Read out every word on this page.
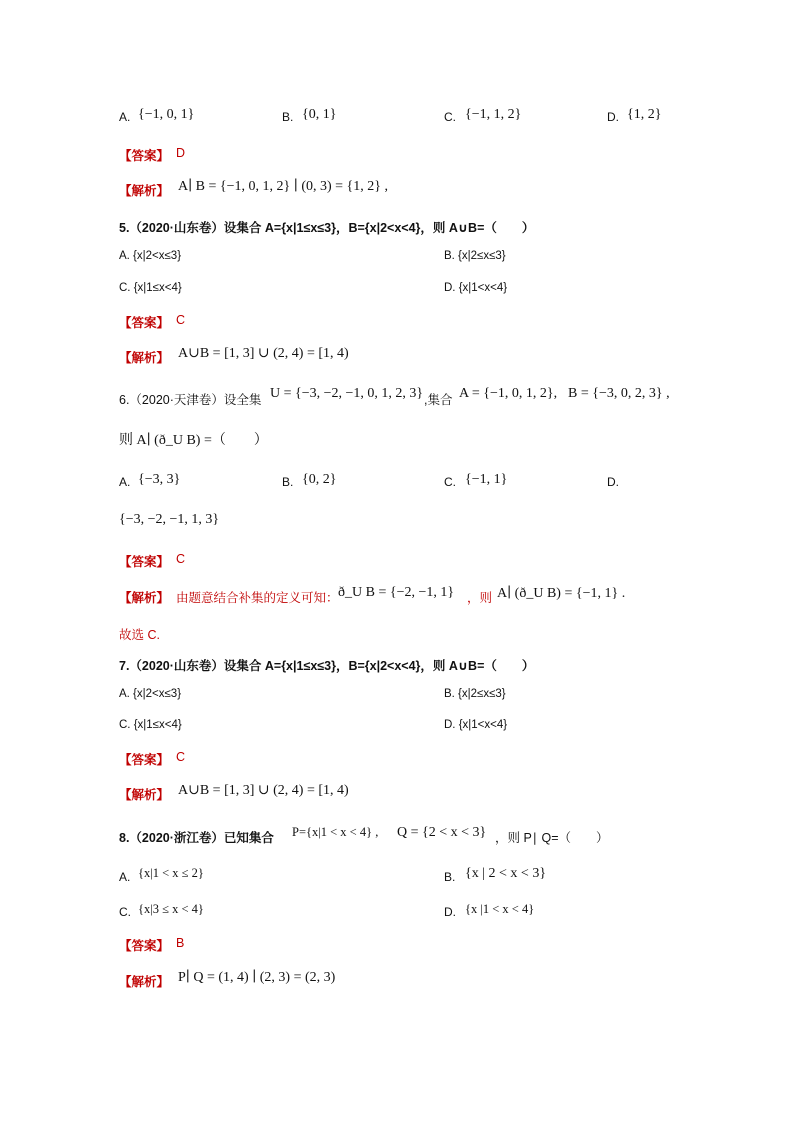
A. {−1, 0, 1}	B. {0, 1}	C. {−1, 1, 2}	D. {1, 2}
【答案】 D
【解析】 A∣ B = {−1, 0, 1, 2} ∣ (0, 3) = {1, 2} ,
5.（2020·山东卷）设集合 A={x|1≤x≤3}，B={x|2<x<4}，则 A∪B=（　　）
A. {x|2<x≤3}	B. {x|2≤x≤3}
C. {x|1≤x<4}	D. {x|1<x<4}
【答案】 C
【解析】 A∪B = [1, 3] ∪ (2, 4) = [1, 4)
6.（2020·天津卷）设全集 U = {−3, −2, −1, 0, 1, 2, 3} ,集合 A = {−1, 0, 1, 2}, B = {−3, 0, 2, 3} ,
则 A∣ (ð_U B) =（　　）
A. {−3, 3}	B. {0, 2}	C. {−1, 1}	D.
{−3, −2, −1, 1, 3}
【答案】 C
【解析】 由题意结合补集的定义可知： ð_U B = {−2, −1, 1} ，则 A∣ (ð_U B) = {−1, 1} .
故选 C.
7.（2020·山东卷）设集合 A={x|1≤x≤3}，B={x|2<x<4}，则 A∪B=（　　）
A. {x|2<x≤3}	B. {x|2≤x≤3}
C. {x|1≤x<4}	D. {x|1<x<4}
【答案】 C
【解析】 A∪B = [1, 3] ∪ (2, 4) = [1, 4)
8.（2020·浙江卷）已知集合 P={x|1 < x < 4} , Q = {2 < x < 3} ，则 P∣ Q=（　　）
A. {x|1 < x ≤ 2}	B. {x | 2 < x < 3}
C. {x|3 ≤ x < 4}	D. {x |1 < x < 4}
【答案】 B
【解析】 P∣ Q = (1, 4) ∣ (2, 3) = (2, 3)
